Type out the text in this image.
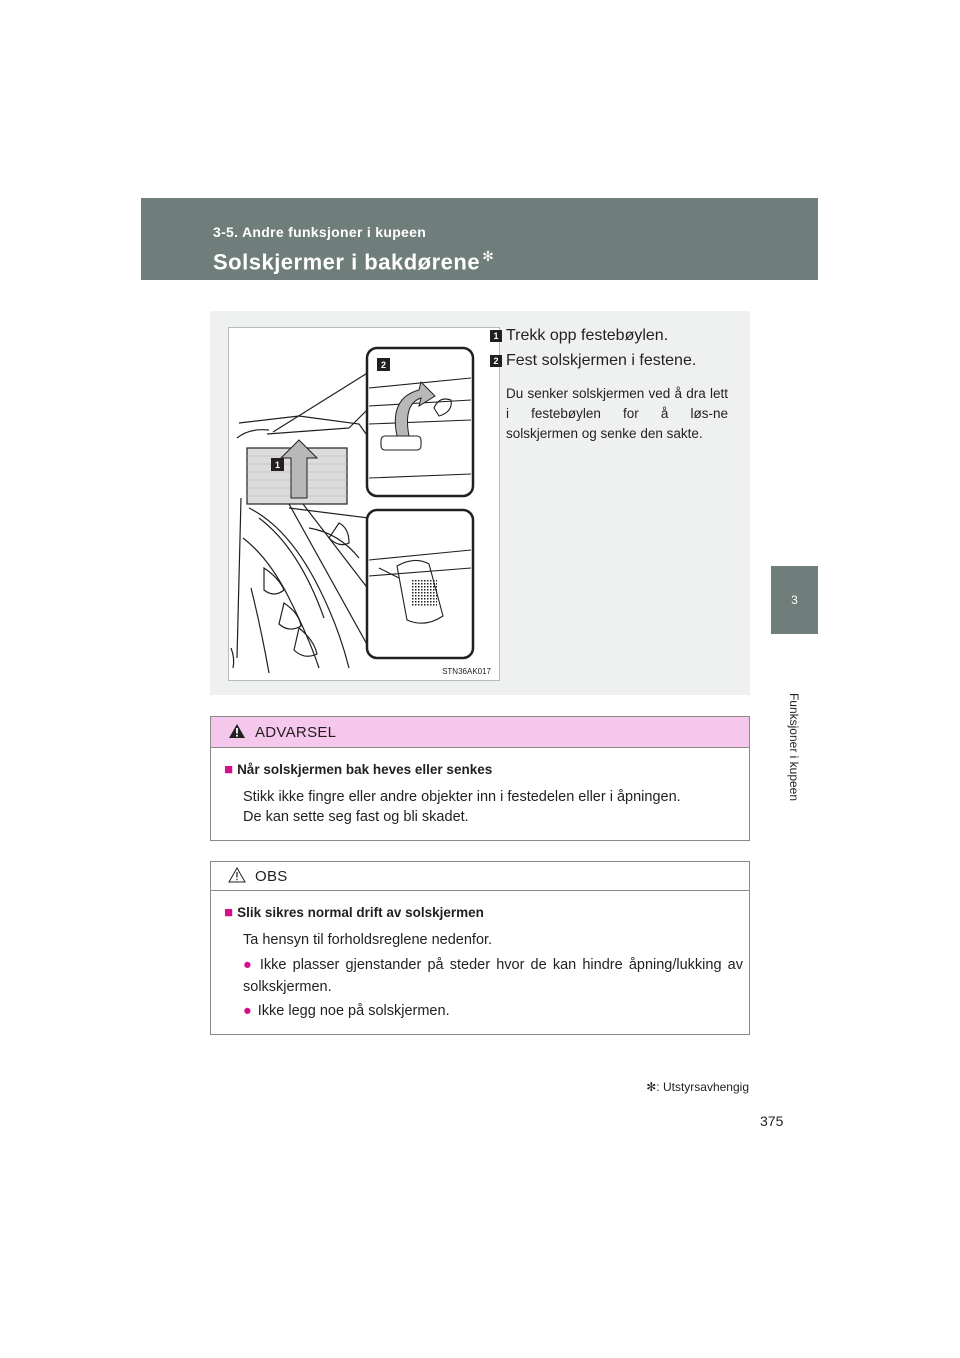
3-5. Andre funksjoner i kupeen
Solskjermer i bakdørene ✻
3
Funksjoner i kupeen
1
2
STN36AK017
1 Trekk opp festebøylen.
2 Fest solskjermen i festene.
Du senker solskjermen ved å dra lett i festebøylen for å løs-ne solskjermen og senke den sakte.
ADVARSEL
■ Når solskjermen bak heves eller senkes
Stikk ikke fingre eller andre objekter inn i festedelen eller i åpningen.
De kan sette seg fast og bli skadet.
OBS
■ Slik sikres normal drift av solskjermen
Ta hensyn til forholdsreglene nedenfor.
● Ikke plasser gjenstander på steder hvor de kan hindre åpning/lukking av solkskjermen.
● Ikke legg noe på solskjermen.
✻: Utstyrsavhengig
375
